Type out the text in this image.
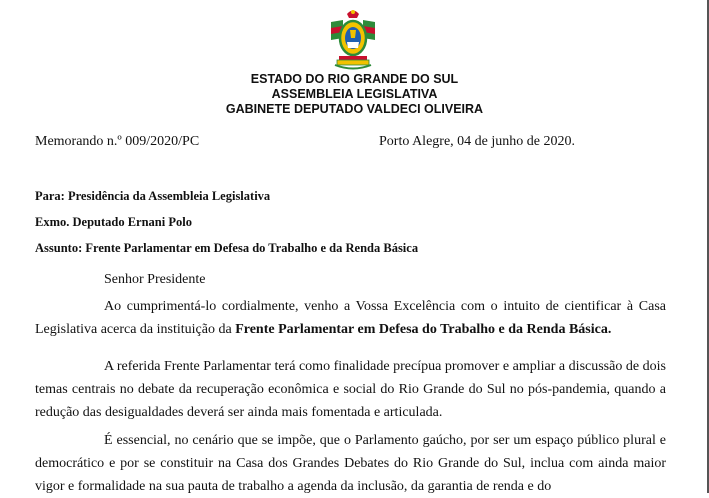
ESTADO DO RIO GRANDE DO SUL
ASSEMBLEIA LEGISLATIVA
GABINETE DEPUTADO VALDECI OLIVEIRA
Memorando n.º 009/2020/PC	Porto Alegre, 04 de junho de 2020.
Para: Presidência da Assembleia Legislativa
Exmo. Deputado Ernani Polo
Assunto: Frente Parlamentar em Defesa do Trabalho e da Renda Básica
Senhor Presidente
Ao cumprimentá-lo cordialmente, venho a Vossa Excelência com o intuito de cientificar à Casa Legislativa acerca da instituição da Frente Parlamentar em Defesa do Trabalho e da Renda Básica.
A referida Frente Parlamentar terá como finalidade precípua promover e ampliar a discussão de dois temas centrais no debate da recuperação econômica e social do Rio Grande do Sul no pós-pandemia, quando a redução das desigualdades deverá ser ainda mais fomentada e articulada.
É essencial, no cenário que se impõe, que o Parlamento gaúcho, por ser um espaço público plural e democrático e por se constituir na Casa dos Grandes Debates do Rio Grande do Sul, inclua com ainda maior vigor e formalidade na sua pauta de trabalho a agenda da inclusão, da garantia de renda e do
